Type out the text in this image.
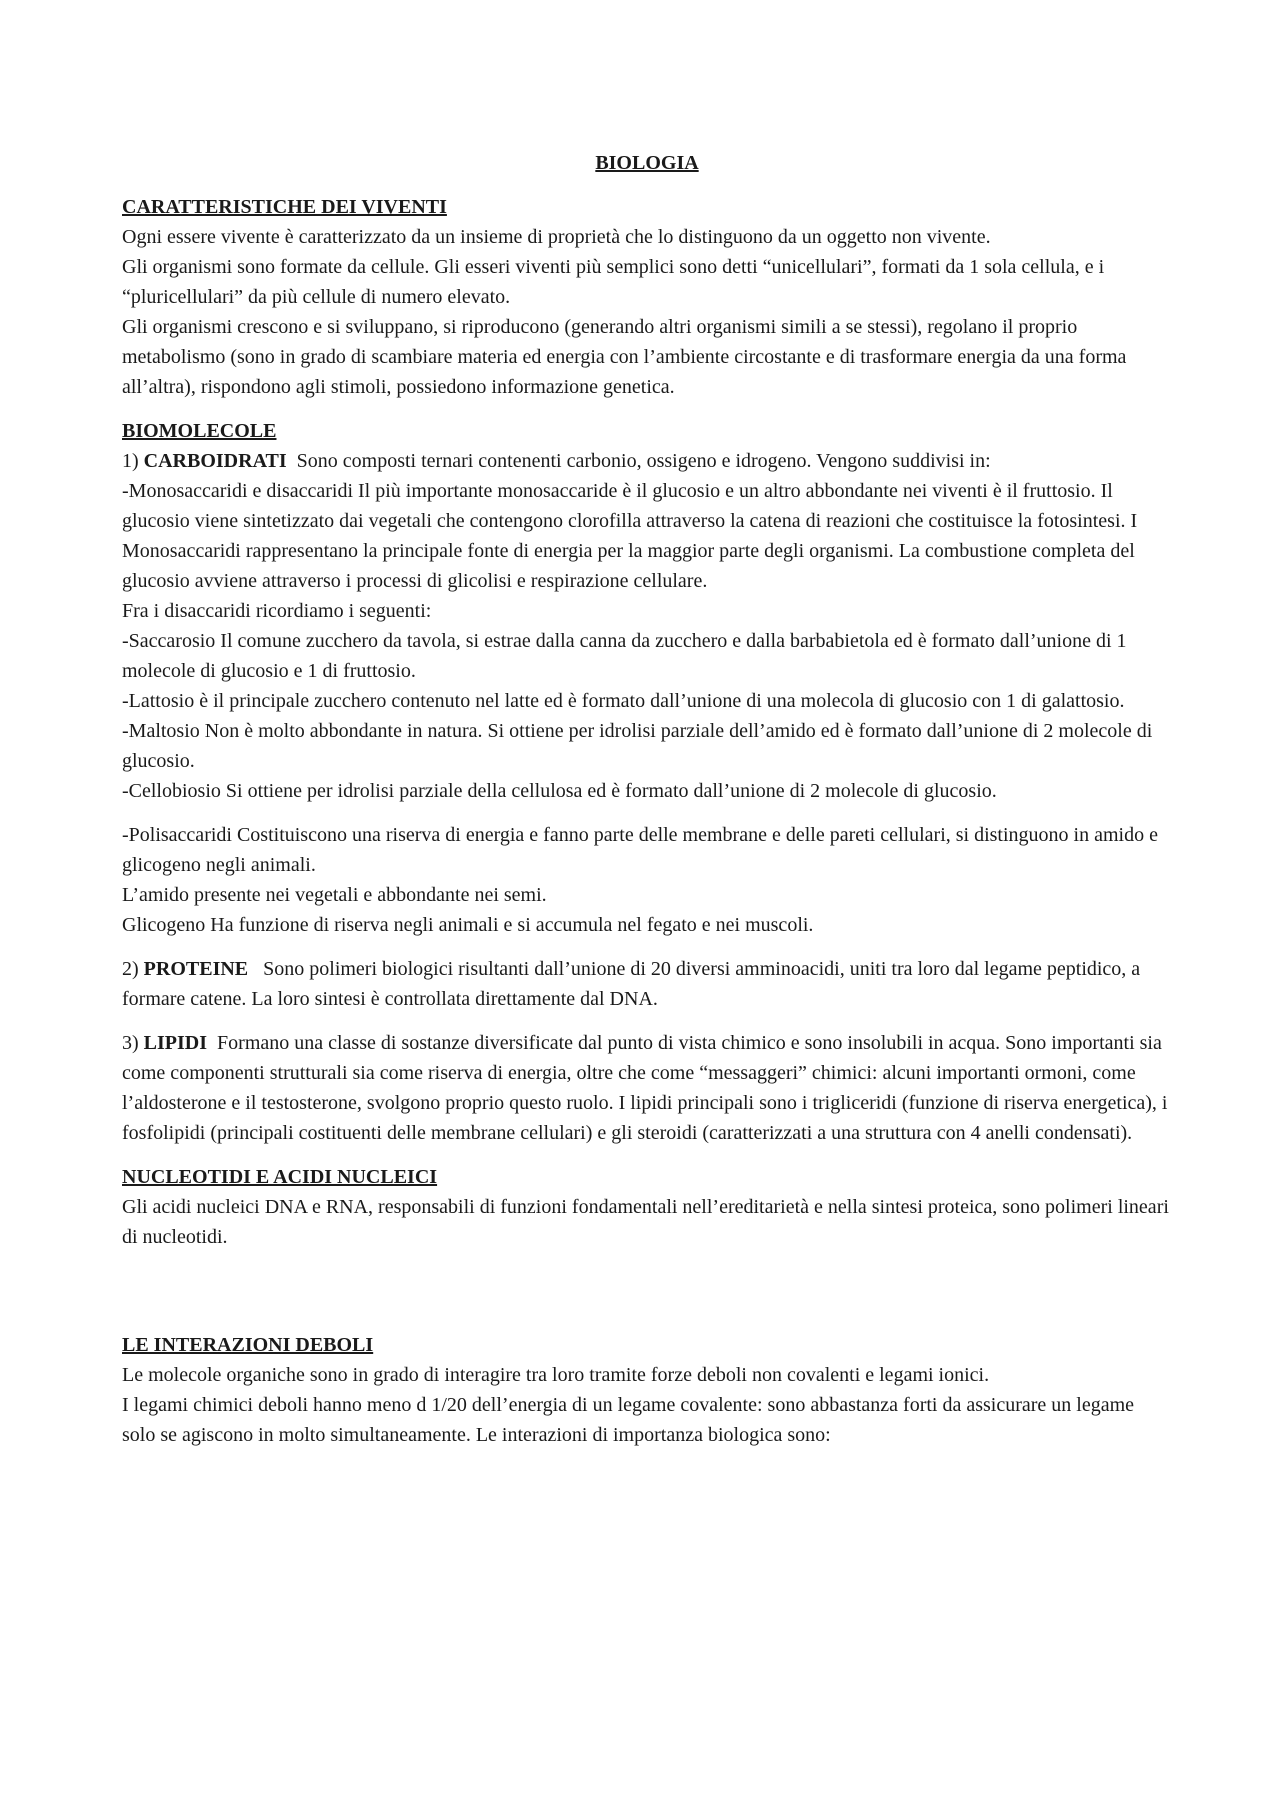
BIOLOGIA

CARATTERISTICHE DEI VIVENTI

Ogni essere vivente è caratterizzato da un insieme di proprietà che lo distinguono da un oggetto non vivente.

Gli organismi sono formate da cellule. Gli esseri viventi più semplici sono detti “unicellulari”, formati da 1 sola cellula, e i “pluricellulari” da più cellule di numero elevato.

Gli organismi crescono e si sviluppano, si riproducono (generando altri organismi simili a se stessi), regolano il proprio metabolismo (sono in grado di scambiare materia ed energia con l’ambiente circostante e di trasformare energia da una forma all’altra), rispondono agli stimoli, possiedono informazione genetica.

BIOMOLECOLE

1) CARBOIDRATI Sono composti ternari contenenti carbonio, ossigeno e idrogeno. Vengono suddivisi in:

-Monosaccaridi e disaccaridi Il più importante monosaccaride è il glucosio e un altro abbondante nei viventi è il fruttosio. Il glucosio viene sintetizzato dai vegetali che contengono clorofilla attraverso la catena di reazioni che costituisce la fotosintesi. I Monosaccaridi rappresentano la principale fonte di energia per la maggior parte degli organismi. La combustione completa del glucosio avviene attraverso i processi di glicolisi e respirazione cellulare.

Fra i disaccaridi ricordiamo i seguenti:

-Saccarosio Il comune zucchero da tavola, si estrae dalla canna da zucchero e dalla barbabietola ed è formato dall’unione di 1 molecole di glucosio e 1 di fruttosio.

-Lattosio è il principale zucchero contenuto nel latte ed è formato dall’unione di una molecola di glucosio con 1 di galattosio.

-Maltosio Non è molto abbondante in natura. Si ottiene per idrolisi parziale dell’amido ed è formato dall’unione di 2 molecole di glucosio.

-Cellobiosio Si ottiene per idrolisi parziale della cellulosa ed è formato dall’unione di 2 molecole di glucosio.

-Polisaccaridi Costituiscono una riserva di energia e fanno parte delle membrane e delle pareti cellulari, si distinguono in amido e glicogeno negli animali.

L’amido presente nei vegetali e abbondante nei semi.

Glicogeno Ha funzione di riserva negli animali e si accumula nel fegato e nei muscoli.

2) PROTEINE Sono polimeri biologici risultanti dall’unione di 20 diversi amminoacidi, uniti tra loro dal legame peptidico, a formare catene. La loro sintesi è controllata direttamente dal DNA.

3) LIPIDI Formano una classe di sostanze diversificate dal punto di vista chimico e sono insolubili in acqua. Sono importanti sia come componenti strutturali sia come riserva di energia, oltre che come “messaggeri” chimici: alcuni importanti ormoni, come l’aldosterone e il testosterone, svolgono proprio questo ruolo. I lipidi principali sono i trigliceridi (funzione di riserva energetica), i fosfolipidi (principali costituenti delle membrane cellulari) e gli steroidi (caratterizzati a una struttura con 4 anelli condensati).

NUCLEOTIDI E ACIDI NUCLEICI

Gli acidi nucleici DNA e RNA, responsabili di funzioni fondamentali nell’ereditarietà e nella sintesi proteica, sono polimeri lineari di nucleotidi.

LE INTERAZIONI DEBOLI

Le molecole organiche sono in grado di interagire tra loro tramite forze deboli non covalenti e legami ionici.

I legami chimici deboli hanno meno d 1/20 dell’energia di un legame covalente: sono abbastanza forti da assicurare un legame solo se agiscono in molto simultaneamente. Le interazioni di importanza biologica sono:
